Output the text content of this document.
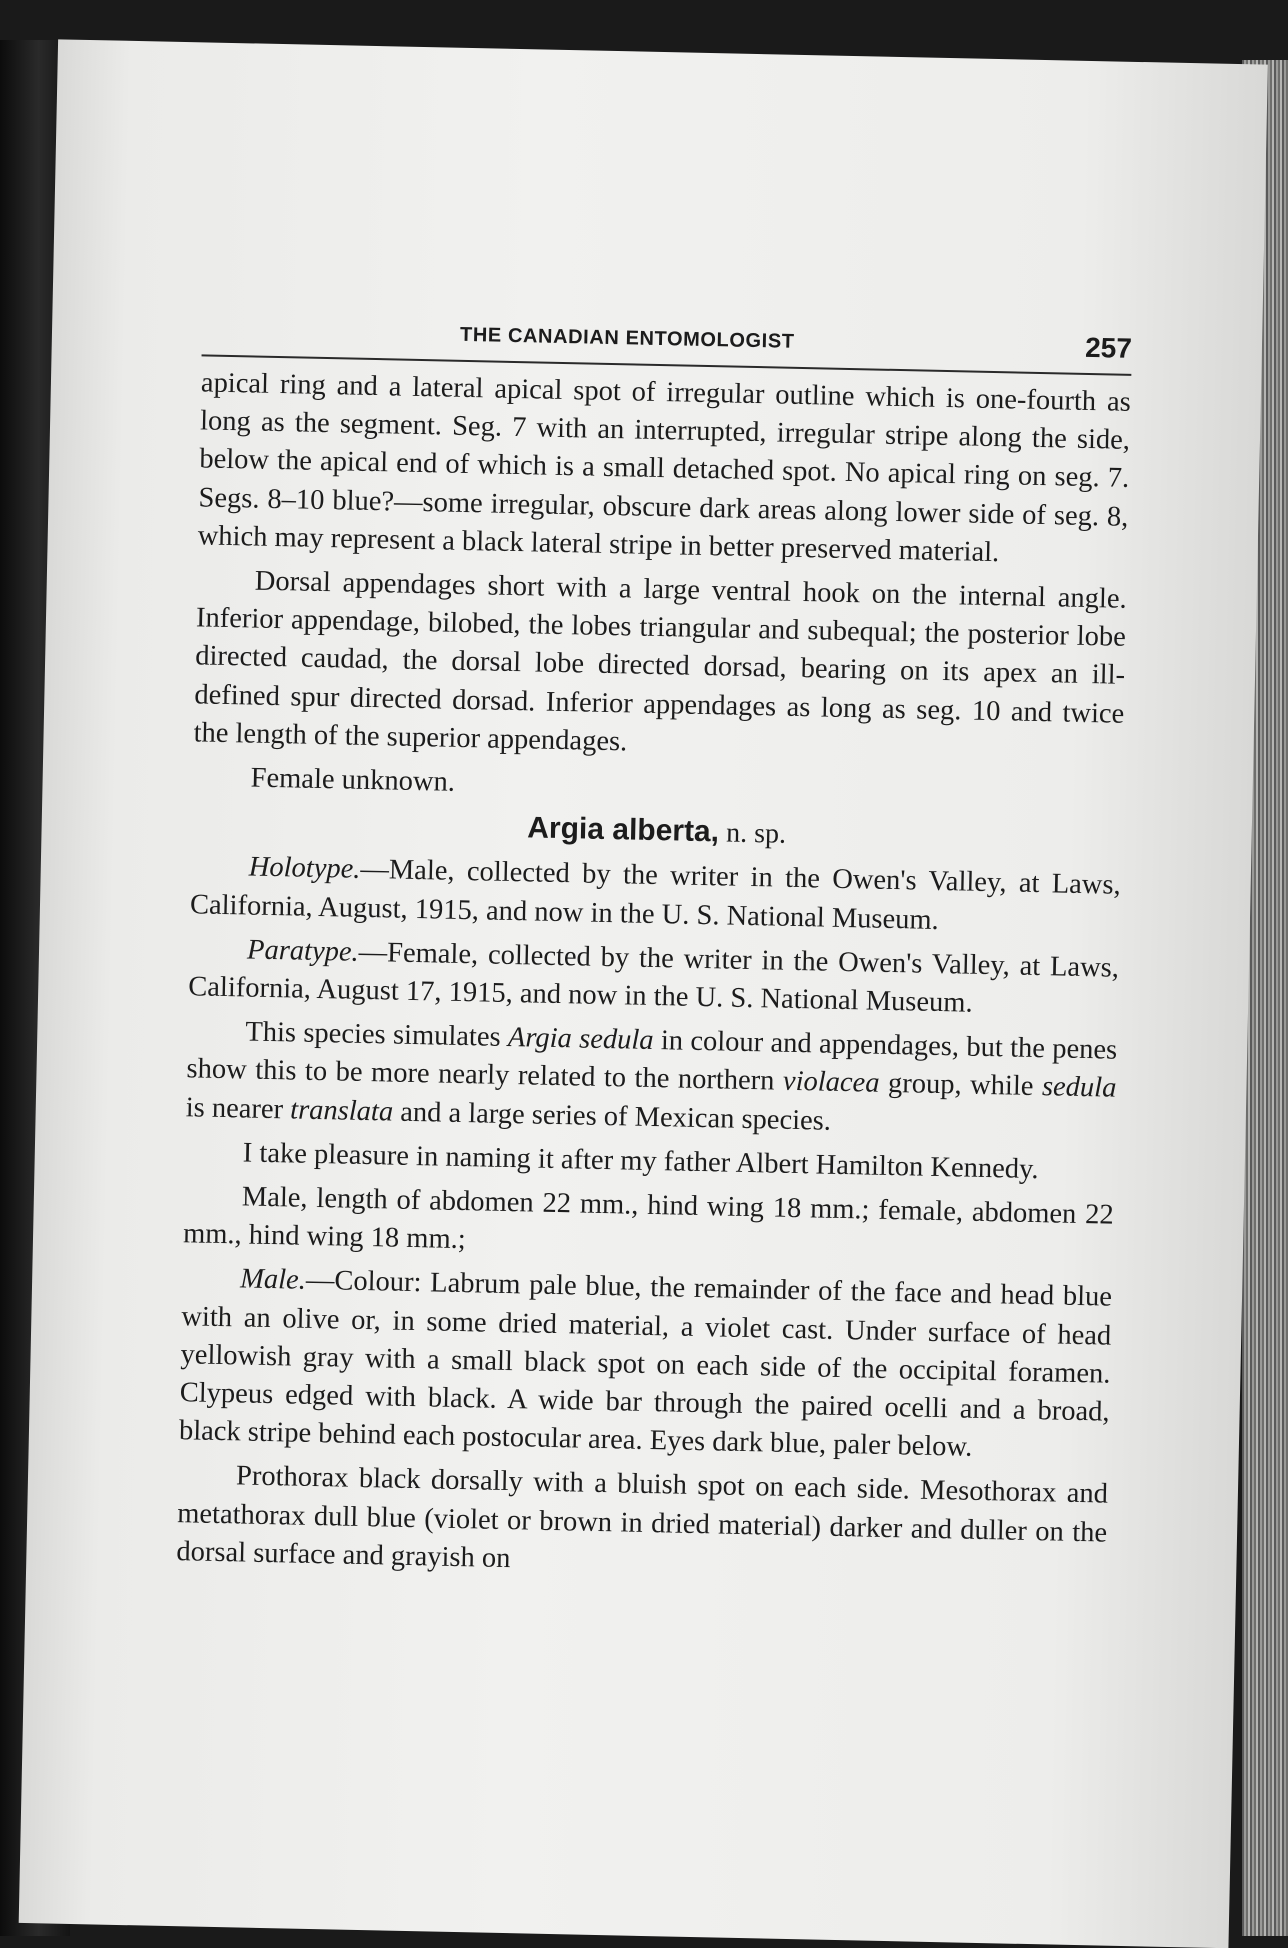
THE CANADIAN ENTOMOLOGIST	257

apical ring and a lateral apical spot of irregular outline which is one-fourth as long as the segment. Seg. 7 with an interrupted, irregular stripe along the side, below the apical end of which is a small detached spot. No apical ring on seg. 7. Segs. 8–10 blue?—some irregular, obscure dark areas along lower side of seg. 8, which may represent a black lateral stripe in better preserved material.

Dorsal appendages short with a large ventral hook on the internal angle. Inferior appendage, bilobed, the lobes triangular and subequal; the posterior lobe directed caudad, the dorsal lobe directed dorsad, bearing on its apex an ill-defined spur directed dorsad. Inferior appendages as long as seg. 10 and twice the length of the superior appendages.

Female unknown.

Argia alberta, n. sp.

Holotype.—Male, collected by the writer in the Owen's Valley, at Laws, California, August, 1915, and now in the U. S. National Museum.

Paratype.—Female, collected by the writer in the Owen's Valley, at Laws, California, August 17, 1915, and now in the U. S. National Museum.

This species simulates Argia sedula in colour and appendages, but the penes show this to be more nearly related to the northern violacea group, while sedula is nearer translata and a large series of Mexican species.

I take pleasure in naming it after my father Albert Hamilton Kennedy.

Male, length of abdomen 22 mm., hind wing 18 mm.; female, abdomen 22 mm., hind wing 18 mm.;

Male.—Colour: Labrum pale blue, the remainder of the face and head blue with an olive or, in some dried material, a violet cast. Under surface of head yellowish gray with a small black spot on each side of the occipital foramen. Clypeus edged with black. A wide bar through the paired ocelli and a broad, black stripe behind each postocular area. Eyes dark blue, paler below.

Prothorax black dorsally with a bluish spot on each side. Mesothorax and metathorax dull blue (violet or brown in dried material) darker and duller on the dorsal surface and grayish on
